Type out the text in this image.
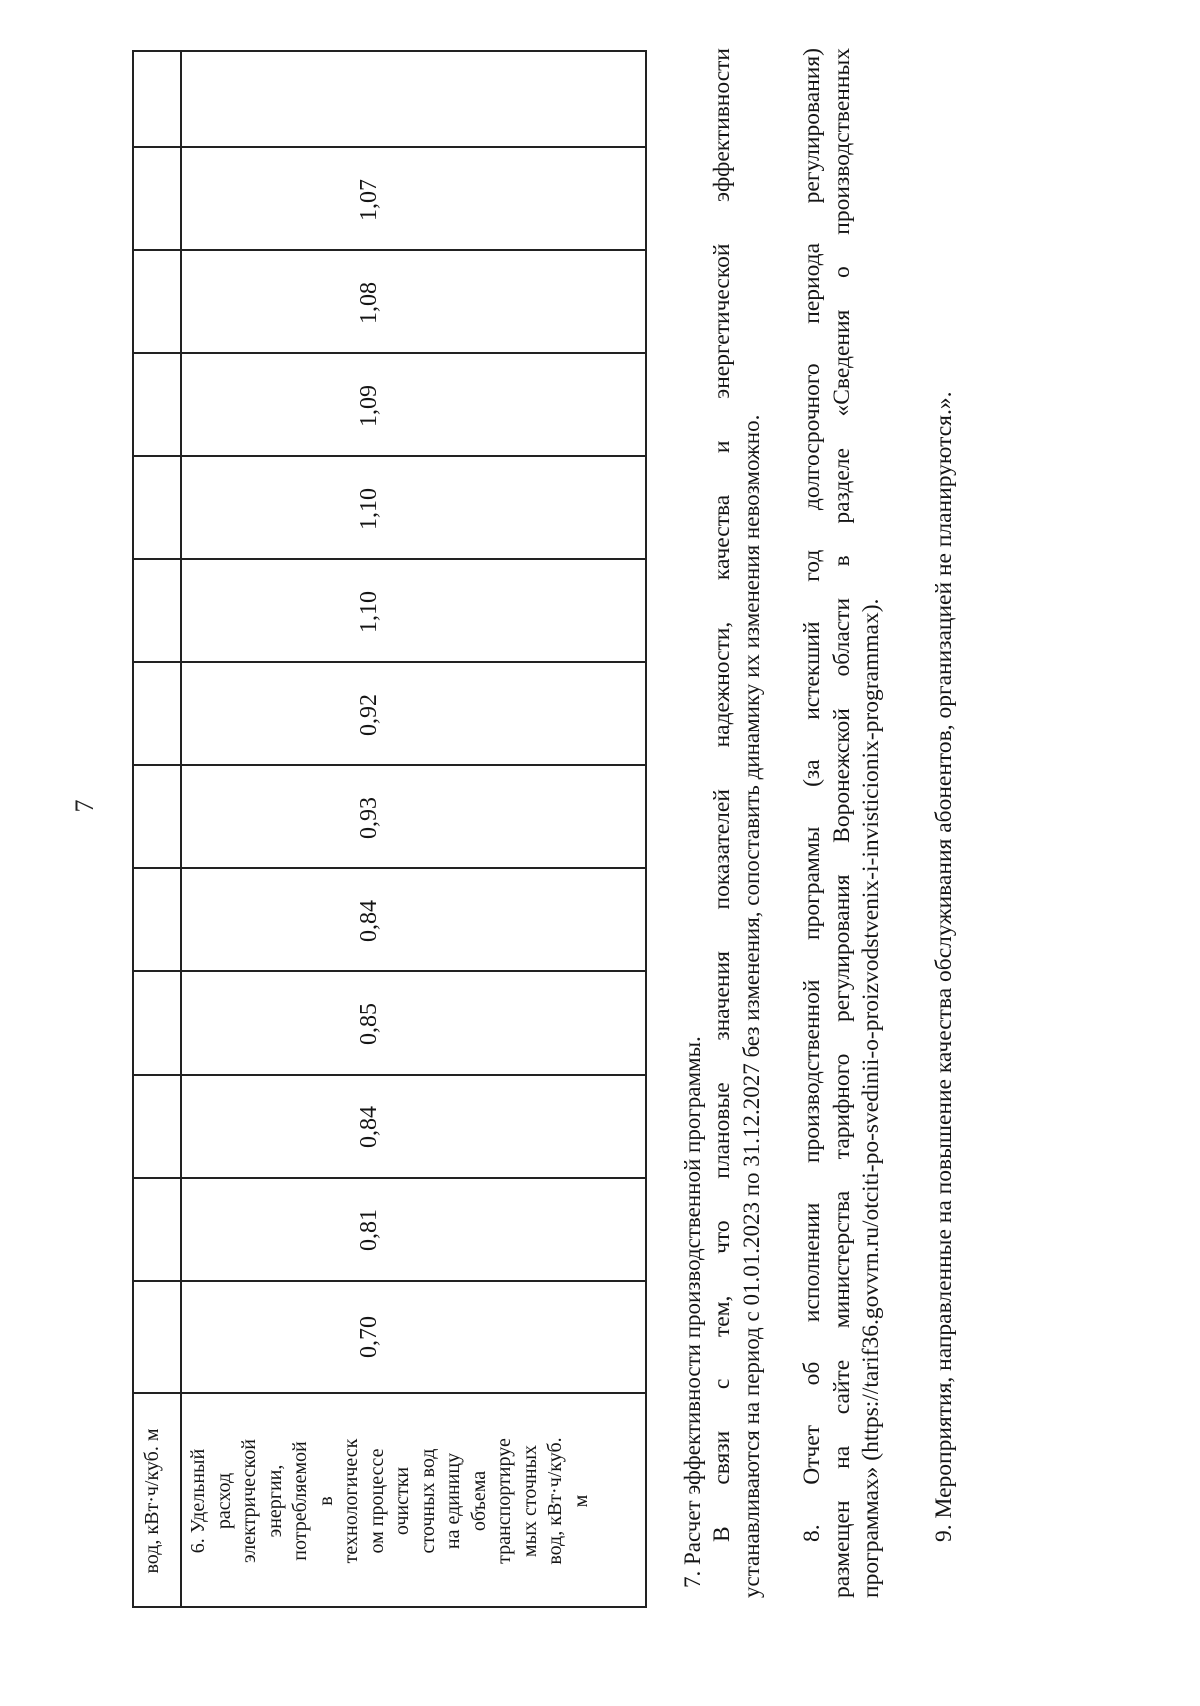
7
вод, кВт·ч/куб. м	6. Удельный расход электрической энергии, потребляемой в технологическ ом процессе очистки сточных вод на единицу объема транспортируе мых сточных вод, кВт·ч/куб. м
0,70
0,81
0,84
0,85
0,84
0,93
0,92
1,10
1,10
1,09
1,08
1,07
7. Расчет эффективности производственной программы. В связи с тем, что плановые значения показателей надежности, качества и энергетической эффективности устанавливаются на период с 01.01.2023 по 31.12.2027 без изменения, сопоставить динамику их изменения невозможно. 8. Отчет об исполнении производственной программы (за истекший год долгосрочного периода регулирования) размещен на сайте министерства тарифного регулирования Воронежской области в разделе «Сведения о производственных программах» (https://tarif36.govvrn.ru/otciti-po-svedinii-o-proizvodstvenix-i-invisticionix-programmax). 9. Мероприятия, направленные на повышение качества обслуживания абонентов, организацией не планируются.».
